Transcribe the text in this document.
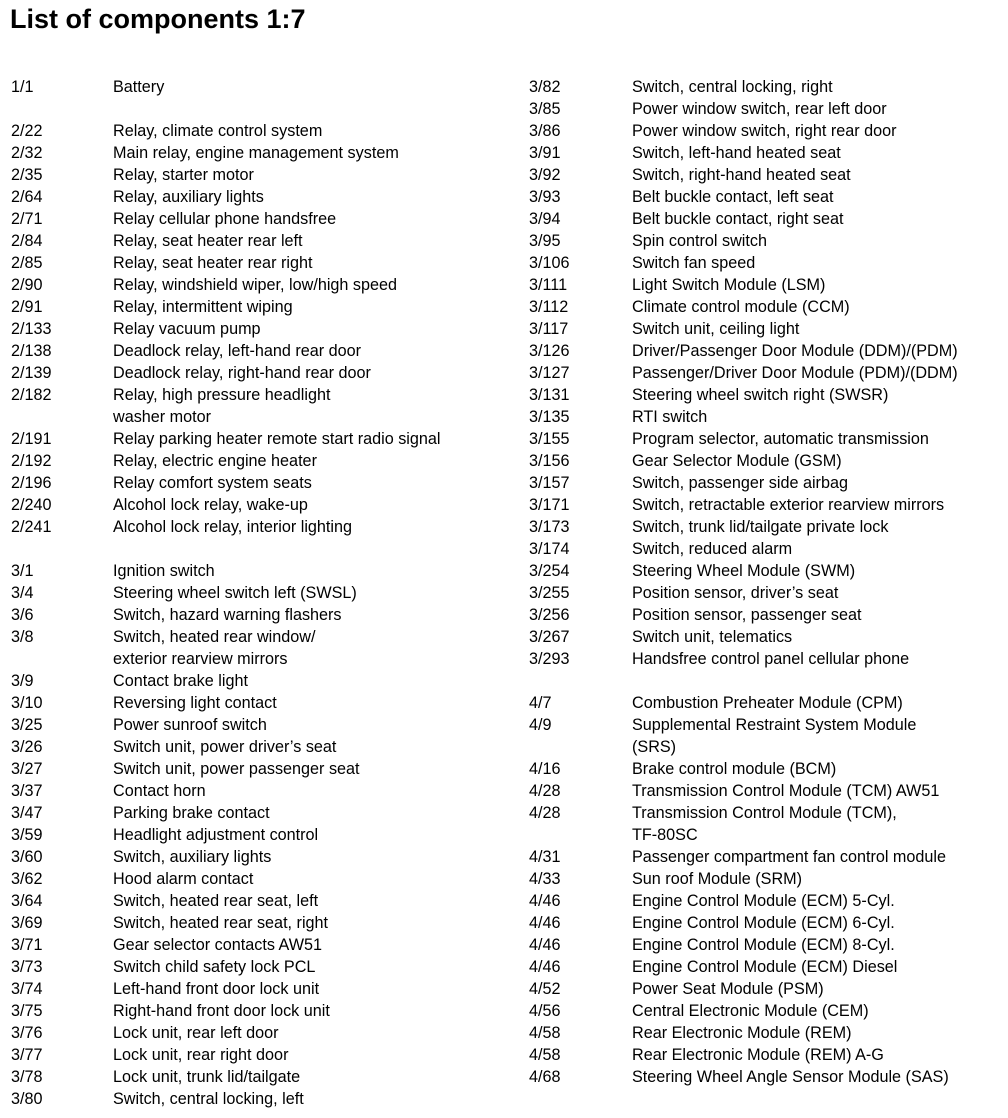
List of components 1:7
1/1	Battery
2/22	Relay, climate control system
2/32	Main relay, engine management system
2/35	Relay, starter motor
2/64	Relay, auxiliary lights
2/71	Relay cellular phone handsfree
2/84	Relay, seat heater rear left
2/85	Relay, seat heater rear right
2/90	Relay, windshield wiper, low/high speed
2/91	Relay, intermittent wiping
2/133	Relay vacuum pump
2/138	Deadlock relay, left-hand rear door
2/139	Deadlock relay, right-hand rear door
2/182	Relay, high pressure headlight
washer motor
2/191	Relay parking heater remote start radio signal
2/192	Relay, electric engine heater
2/196	Relay comfort system seats
2/240	Alcohol lock relay, wake-up
2/241	Alcohol lock relay, interior lighting
3/1	Ignition switch
3/4	Steering wheel switch left (SWSL)
3/6	Switch, hazard warning flashers
3/8	Switch, heated rear window/
exterior rearview mirrors
3/9	Contact brake light
3/10	Reversing light contact
3/25	Power sunroof switch
3/26	Switch unit, power driver’s seat
3/27	Switch unit, power passenger seat
3/37	Contact horn
3/47	Parking brake contact
3/59	Headlight adjustment control
3/60	Switch, auxiliary lights
3/62	Hood alarm contact
3/64	Switch, heated rear seat, left
3/69	Switch, heated rear seat, right
3/71	Gear selector contacts AW51
3/73	Switch child safety lock PCL
3/74	Left-hand front door lock unit
3/75	Right-hand front door lock unit
3/76	Lock unit, rear left door
3/77	Lock unit, rear right door
3/78	Lock unit, trunk lid/tailgate
3/80	Switch, central locking, left
3/82	Switch, central locking, right
3/85	Power window switch, rear left door
3/86	Power window switch, right rear door
3/91	Switch, left-hand heated seat
3/92	Switch, right-hand heated seat
3/93	Belt buckle contact, left seat
3/94	Belt buckle contact, right seat
3/95	Spin control switch
3/106	Switch fan speed
3/111	Light Switch Module (LSM)
3/112	Climate control module (CCM)
3/117	Switch unit, ceiling light
3/126	Driver/Passenger Door Module (DDM)/(PDM)
3/127	Passenger/Driver Door Module (PDM)/(DDM)
3/131	Steering wheel switch right (SWSR)
3/135	RTI switch
3/155	Program selector, automatic transmission
3/156	Gear Selector Module (GSM)
3/157	Switch, passenger side airbag
3/171	Switch, retractable exterior rearview mirrors
3/173	Switch, trunk lid/tailgate private lock
3/174	Switch, reduced alarm
3/254	Steering Wheel Module (SWM)
3/255	Position sensor, driver’s seat
3/256	Position sensor, passenger seat
3/267	Switch unit, telematics
3/293	Handsfree control panel cellular phone
4/7	Combustion Preheater Module (CPM)
4/9	Supplemental Restraint System Module
(SRS)
4/16	Brake control module (BCM)
4/28	Transmission Control Module (TCM) AW51
4/28	Transmission Control Module (TCM),
TF-80SC
4/31	Passenger compartment fan control module
4/33	Sun roof Module (SRM)
4/46	Engine Control Module (ECM) 5-Cyl.
4/46	Engine Control Module (ECM) 6-Cyl.
4/46	Engine Control Module (ECM) 8-Cyl.
4/46	Engine Control Module (ECM) Diesel
4/52	Power Seat Module (PSM)
4/56	Central Electronic Module (CEM)
4/58	Rear Electronic Module (REM)
4/58	Rear Electronic Module (REM) A-G
4/68	Steering Wheel Angle Sensor Module (SAS)
